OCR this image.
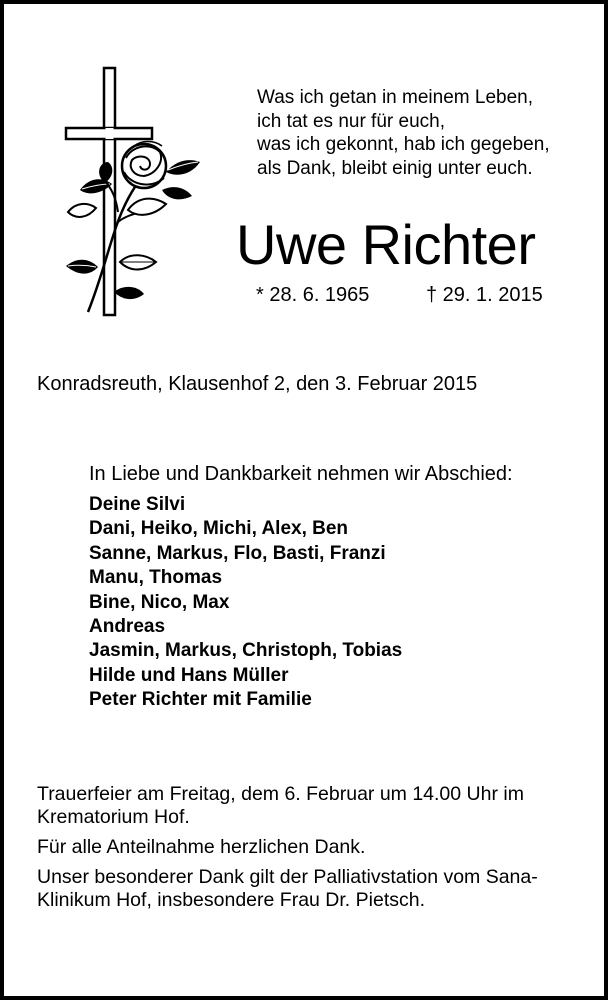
Was ich getan in meinem Leben,
ich tat es nur für euch,
was ich gekonnt, hab ich gegeben,
als Dank, bleibt einig unter euch.
Uwe Richter
* 28. 6. 1965	† 29. 1. 2015
Konradsreuth, Klausenhof 2, den 3. Februar 2015
In Liebe und Dankbarkeit nehmen wir Abschied:
Deine Silvi
Dani, Heiko, Michi, Alex, Ben
Sanne, Markus, Flo, Basti, Franzi
Manu, Thomas
Bine, Nico, Max
Andreas
Jasmin, Markus, Christoph, Tobias
Hilde und Hans Müller
Peter Richter mit Familie

Trauerfeier am Freitag, dem 6. Februar um 14.00 Uhr im Krematorium Hof.

Für alle Anteilnahme herzlichen Dank.

Unser besonderer Dank gilt der Palliativstation vom Sana-Klinikum Hof, insbesondere Frau Dr. Pietsch.
